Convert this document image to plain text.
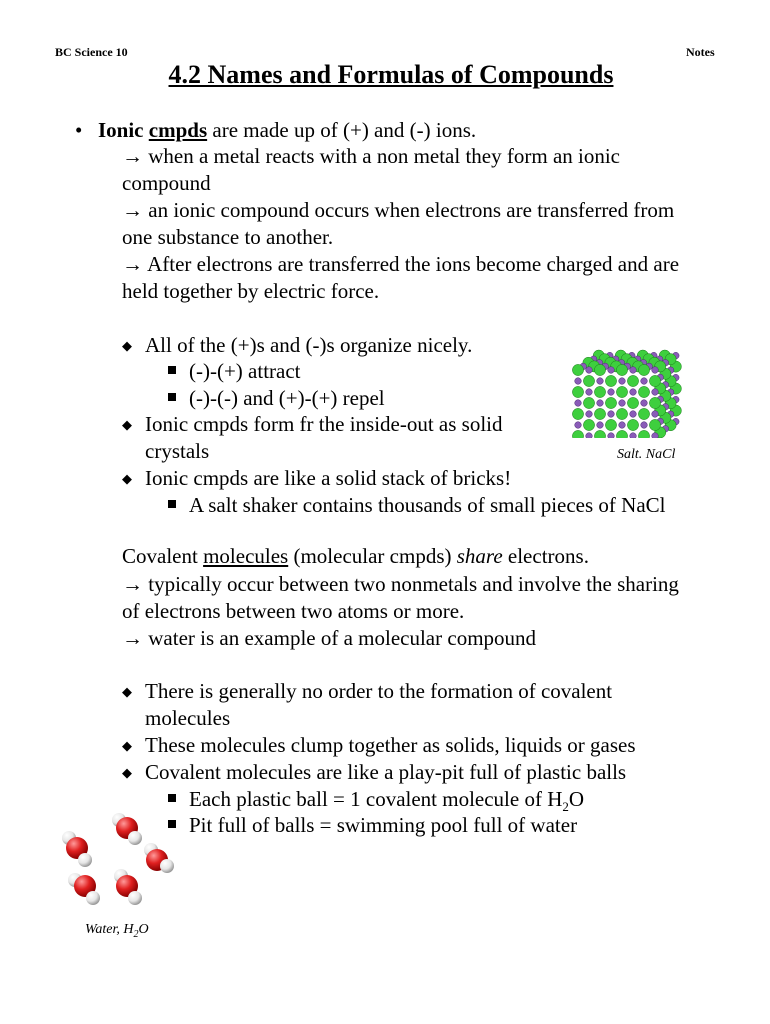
BC Science 10	Notes
4.2 Names and Formulas of Compounds
• Ionic cmpds are made up of (+) and (-) ions.
→ when a metal reacts with a non metal they form an ionic
compound
→ an ionic compound occurs when electrons are transferred from
one substance to another.
→ After electrons are transferred the ions become charged and are
held together by electric force.
◆ All of the (+)s and (-)s organize nicely.
(-)-(+) attract
(-)-(-) and (+)-(+) repel
◆ Ionic cmpds form fr the inside-out as solid
crystals
◆ Ionic cmpds are like a solid stack of bricks!
A salt shaker contains thousands of small pieces of NaCl
Salt. NaCl
Covalent molecules (molecular cmpds) share electrons.
→ typically occur between two nonmetals and involve the sharing
of electrons between two atoms or more.
→ water is an example of a molecular compound
◆ There is generally no order to the formation of covalent
molecules
◆ These molecules clump together as solids, liquids or gases
◆ Covalent molecules are like a play-pit full of plastic balls
Each plastic ball = 1 covalent molecule of $H_2O$
Pit full of balls = swimming pool full of water
Water, $H_2O$
